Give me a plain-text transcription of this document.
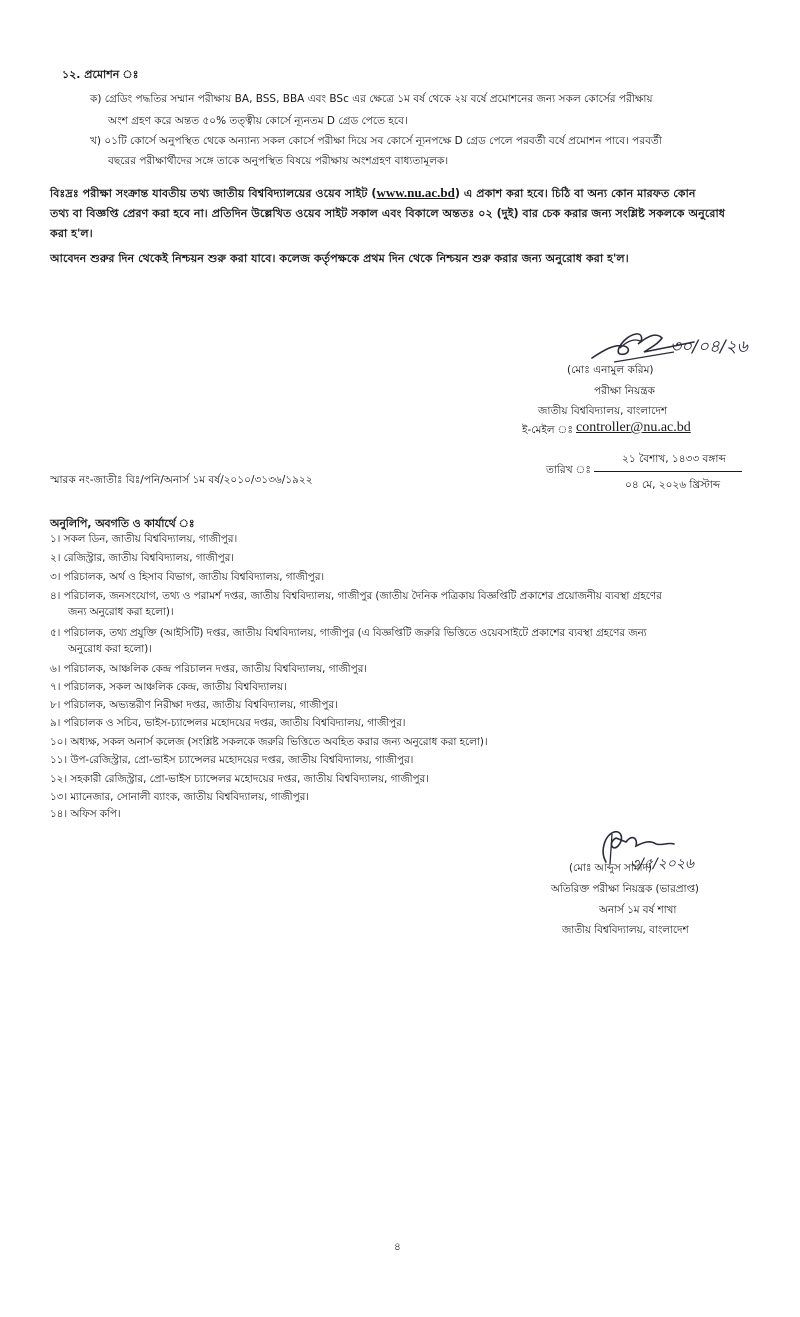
১২. প্রমোশন ঃ
ক) গ্রেডিং পদ্ধতির সম্মান পরীক্ষায় BA, BSS, BBA এবং BSc এর ক্ষেত্রে ১ম বর্ষ থেকে ২য় বর্ষে প্রমোশনের জন্য সকল কোর্সের পরীক্ষায়
অংশ গ্রহণ করে অন্তত ৫০% তত্ত্বীয় কোর্সে ন্যূনতম D গ্রেড পেতে হবে।
খ) ০১টি কোর্সে অনুপস্থিত থেকে অন্যান্য সকল কোর্সে পরীক্ষা দিয়ে সব কোর্সে ন্যূনপক্ষে D গ্রেড পেলে পরবর্তী বর্ষে প্রমোশন পাবে। পরবর্তী
বছরের পরীক্ষার্থীদের সঙ্গে তাকে অনুপস্থিত বিষয়ে পরীক্ষায় অংশগ্রহণ বাধ্যতামূলক।
বিঃদ্রঃ পরীক্ষা সংক্রান্ত যাবতীয় তথ্য জাতীয় বিশ্ববিদ্যালয়ের ওয়েব সাইট (www.nu.ac.bd) এ প্রকাশ করা হবে। চিঠি বা অন্য কোন মারফত কোন
তথ্য বা বিজ্ঞপ্তি প্রেরণ করা হবে না। প্রতিদিন উল্লেখিত ওয়েব সাইট সকাল এবং বিকালে অন্ততঃ ০২ (দুই) বার চেক করার জন্য সংশ্লিষ্ট সকলকে অনুরোধ
করা হ'ল।
আবেদন শুরুর দিন থেকেই নিশ্চয়ন শুরু করা যাবে। কলেজ কর্তৃপক্ষকে প্রথম দিন থেকে নিশ্চয়ন শুরু করার জন্য অনুরোধ করা হ'ল।
৩০/০৪/২৬
(মোঃ এনামুল করিম)
পরীক্ষা নিয়ন্ত্রক
জাতীয় বিশ্ববিদ্যালয়, বাংলাদেশ
ই-মেইল ঃ controller@nu.ac.bd
স্মারক নং-জাতীঃ বিঃ/পনি/অনার্স ১ম বর্ষ/২০১০/৩১৩৬/১৯২২
তারিখ ঃ
২১ বৈশাখ, ১৪৩৩ বঙ্গাব্দ
০৪ মে, ২০২৬ খ্রিস্টাব্দ
অনুলিপি, অবগতি ও কার্যার্থে ঃ
১। সকল ডিন, জাতীয় বিশ্ববিদ্যালয়, গাজীপুর।
২। রেজিস্ট্রার, জাতীয় বিশ্ববিদ্যালয়, গাজীপুর।
৩। পরিচালক, অর্থ ও হিসাব বিভাগ, জাতীয় বিশ্ববিদ্যালয়, গাজীপুর।
৪। পরিচালক, জনসংযোগ, তথ্য ও পরামর্শ দপ্তর, জাতীয় বিশ্ববিদ্যালয়, গাজীপুর (জাতীয় দৈনিক পত্রিকায় বিজ্ঞপ্তিটি প্রকাশের প্রয়োজনীয় ব্যবস্থা গ্রহণের
জন্য অনুরোধ করা হলো)।
৫। পরিচালক, তথ্য প্রযুক্তি (আইসিটি) দপ্তর, জাতীয় বিশ্ববিদ্যালয়, গাজীপুর (এ বিজ্ঞপ্তিটি জরুরি ভিত্তিতে ওয়েবসাইটে প্রকাশের ব্যবস্থা গ্রহণের জন্য
অনুরোধ করা হলো)।
৬। পরিচালক, আঞ্চলিক কেন্দ্র পরিচালন দপ্তর, জাতীয় বিশ্ববিদ্যালয়, গাজীপুর।
৭। পরিচালক, সকল আঞ্চলিক কেন্দ্র, জাতীয় বিশ্ববিদ্যালয়।
৮। পরিচালক, অভ্যন্তরীণ নিরীক্ষা দপ্তর, জাতীয় বিশ্ববিদ্যালয়, গাজীপুর।
৯। পরিচালক ও সচিব, ভাইস-চ্যান্সেলর মহোদয়ের দপ্তর, জাতীয় বিশ্ববিদ্যালয়, গাজীপুর।
১০। অধ্যক্ষ, সকল অনার্স কলেজ (সংশ্লিষ্ট সকলকে জরুরি ভিত্তিতে অবহিত করার জন্য অনুরোধ করা হলো)।
১১। উপ-রেজিস্ট্রার, প্রো-ভাইস চ্যান্সেলর মহোদয়ের দপ্তর, জাতীয় বিশ্ববিদ্যালয়, গাজীপুর।
১২। সহকারী রেজিস্ট্রার, প্রো-ভাইস চ্যান্সেলর মহোদয়ের দপ্তর, জাতীয় বিশ্ববিদ্যালয়, গাজীপুর।
১৩। ম্যানেজার, সোনালী ব্যাংক, জাতীয় বিশ্ববিদ্যালয়, গাজীপুর।
১৪। অফিস কপি।
৩/৫/২০২৬
(মোঃ আব্দুস সামাদ)
অতিরিক্ত পরীক্ষা নিয়ন্ত্রক (ভারপ্রাপ্ত)
অনার্স ১ম বর্ষ শাখা
জাতীয় বিশ্ববিদ্যালয়, বাংলাদেশ
৪
